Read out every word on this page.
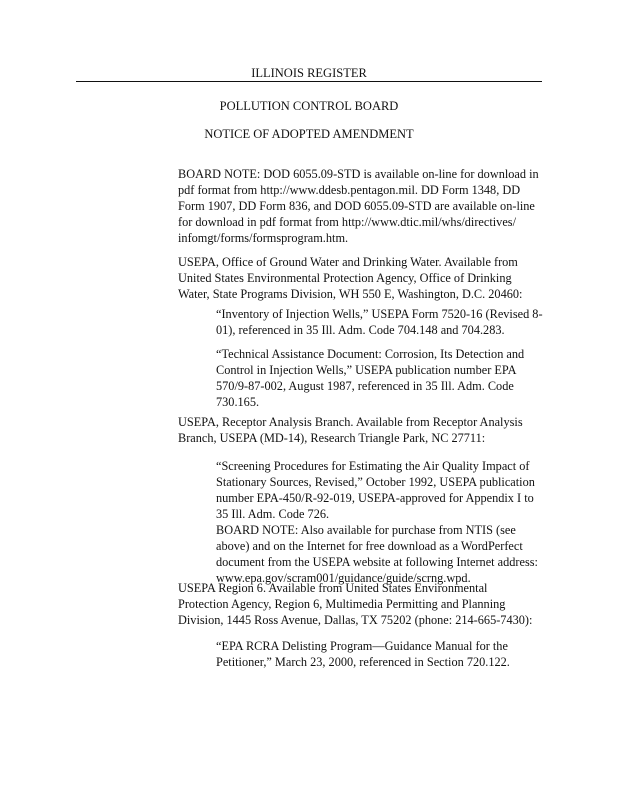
ILLINOIS REGISTER
POLLUTION CONTROL BOARD
NOTICE OF ADOPTED AMENDMENT
BOARD NOTE: DOD 6055.09-STD is available on-line for download in
pdf format from http://www.ddesb.pentagon.mil. DD Form 1348, DD
Form 1907, DD Form 836, and DOD 6055.09-STD are available on-line
for download in pdf format from http://www.dtic.mil/whs/directives/
infomgt/forms/formsprogram.htm.
USEPA, Office of Ground Water and Drinking Water. Available from
United States Environmental Protection Agency, Office of Drinking
Water, State Programs Division, WH 550 E, Washington, D.C. 20460:
“Inventory of Injection Wells,” USEPA Form 7520-16 (Revised 8-
01), referenced in 35 Ill. Adm. Code 704.148 and 704.283.
“Technical Assistance Document: Corrosion, Its Detection and
Control in Injection Wells,” USEPA publication number EPA
570/9-87-002, August 1987, referenced in 35 Ill. Adm. Code
730.165.
USEPA, Receptor Analysis Branch. Available from Receptor Analysis
Branch, USEPA (MD-14), Research Triangle Park, NC 27711:
“Screening Procedures for Estimating the Air Quality Impact of
Stationary Sources, Revised,” October 1992, USEPA publication
number EPA-450/R-92-019, USEPA-approved for Appendix I to
35 Ill. Adm. Code 726.
BOARD NOTE: Also available for purchase from NTIS (see
above) and on the Internet for free download as a WordPerfect
document from the USEPA website at following Internet address:
www.epa.gov/scram001/guidance/guide/scrng.wpd.
USEPA Region 6. Available from United States Environmental
Protection Agency, Region 6, Multimedia Permitting and Planning
Division, 1445 Ross Avenue, Dallas, TX 75202 (phone: 214-665-7430):
“EPA RCRA Delisting Program—Guidance Manual for the
Petitioner,” March 23, 2000, referenced in Section 720.122.
